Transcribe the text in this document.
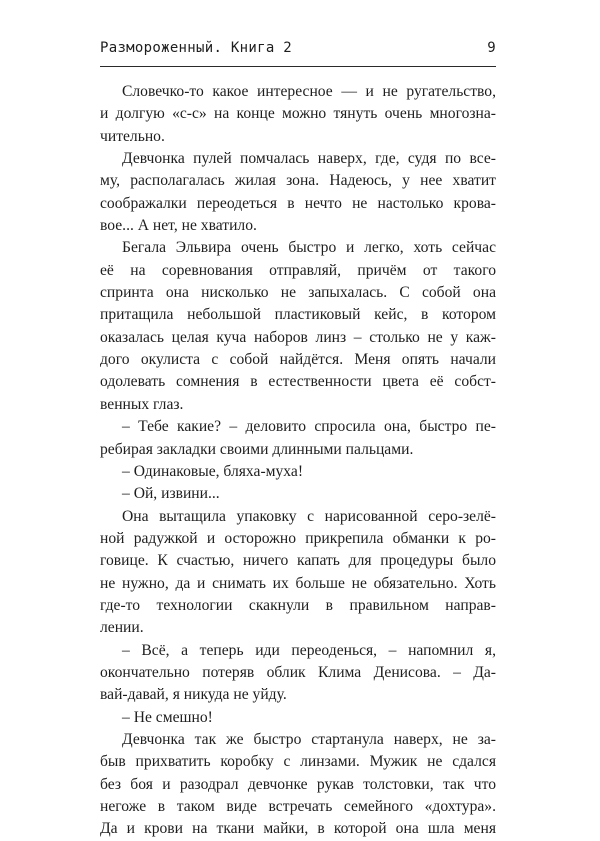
Размороженный. Книга 2	9
Словечко-то какое интересное — и не ругательство,
и долгую «с-с» на конце можно тянуть очень многозна-
чительно.
Девчонка пулей помчалась наверх, где, судя по все-
му, располагалась жилая зона. Надеюсь, у нее хватит
соображалки переодеться в нечто не настолько крова-
вое... А нет, не хватило.
Бегала Эльвира очень быстро и легко, хоть сейчас
её на соревнования отправляй, причём от такого
спринта она нисколько не запыхалась. С собой она
притащила небольшой пластиковый кейс, в котором
оказалась целая куча наборов линз – столько не у каж-
дого окулиста с собой найдётся. Меня опять начали
одолевать сомнения в естественности цвета её собст-
венных глаз.
– Тебе какие? – деловито спросила она, быстро пе-
ребирая закладки своими длинными пальцами.
– Одинаковые, бляха-муха!
– Ой, извини...
Она вытащила упаковку с нарисованной серо-зелё-
ной радужкой и осторожно прикрепила обманки к ро-
говице. К счастью, ничего капать для процедуры было
не нужно, да и снимать их больше не обязательно. Хоть
где-то технологии скакнули в правильном направ-
лении.
– Всё, а теперь иди переоденься, – напомнил я,
окончательно потеряв облик Клима Денисова. – Да-
вай-давай, я никуда не уйду.
– Не смешно!
Девчонка так же быстро стартанула наверх, не за-
быв прихватить коробку с линзами. Мужик не сдался
без боя и разодрал девчонке рукав толстовки, так что
негоже в таком виде встречать семейного «дохтура».
Да и крови на ткани майки, в которой она шла меня
